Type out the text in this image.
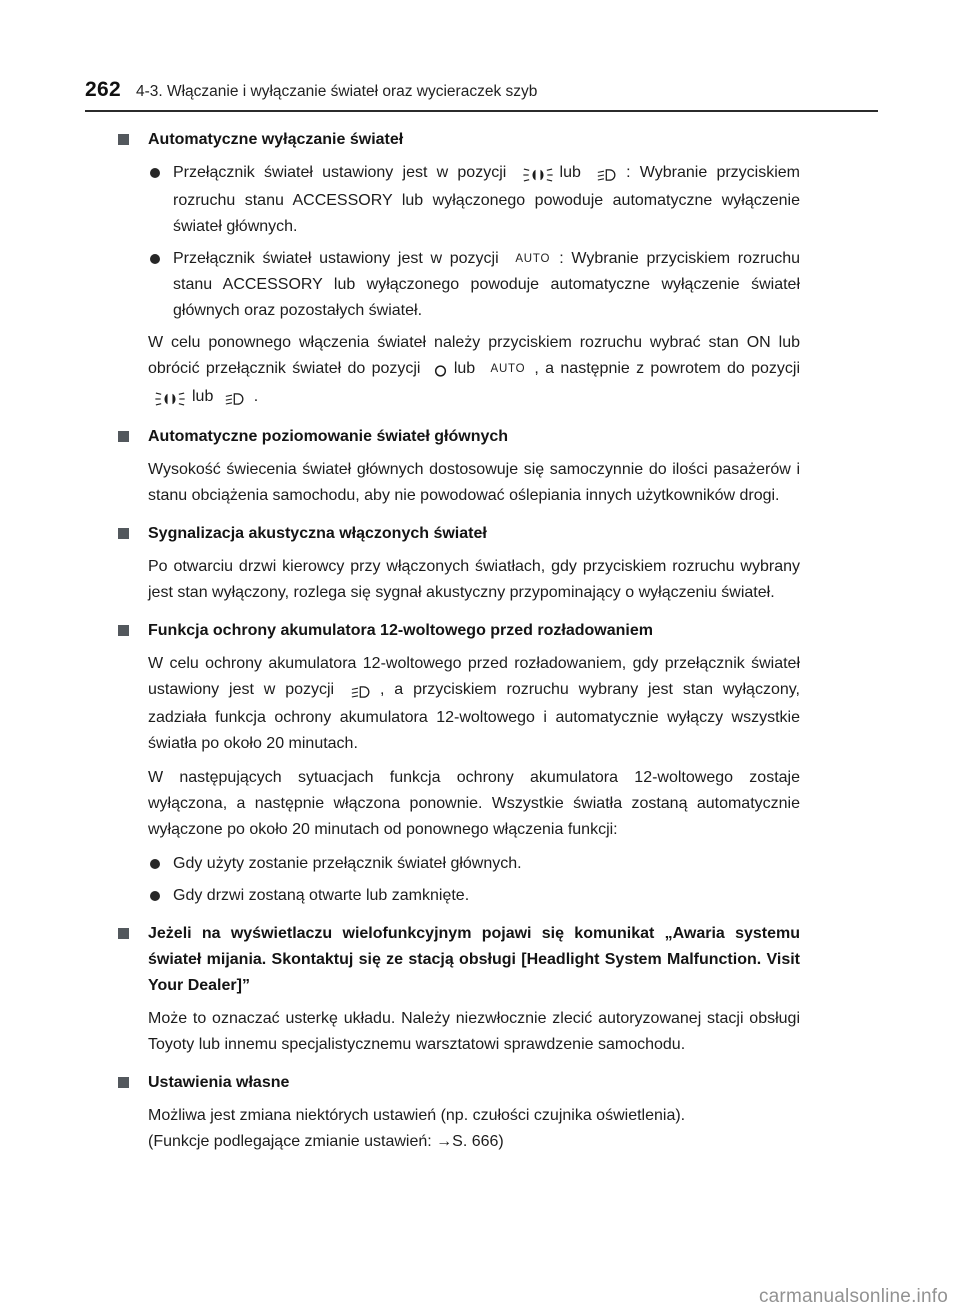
262 4-3. Włączanie i wyłączanie świateł oraz wycieraczek szyb
Automatyczne wyłączanie świateł
Przełącznik świateł ustawiony jest w pozycji	lub : Wybranie przyciskiem rozruchu stanu ACCESSORY lub wyłączonego powoduje automatyczne wyłączenie świateł głównych.
Przełącznik świateł ustawiony jest w pozycji AUTO : Wybranie przyciskiem rozruchu stanu ACCESSORY lub wyłączonego powoduje automatyczne wyłączenie świateł głównych oraz pozostałych świateł.
W celu ponownego włączenia świateł należy przyciskiem rozruchu wybrać stan ON lub obrócić przełącznik świateł do pozycji lub AUTO , a następnie z powrotem do pozycji lub .
Automatyczne poziomowanie świateł głównych
Wysokość świecenia świateł głównych dostosowuje się samoczynnie do ilości pasażerów i stanu obciążenia samochodu, aby nie powodować oślepiania innych użytkowników drogi.
Sygnalizacja akustyczna włączonych świateł
Po otwarciu drzwi kierowcy przy włączonych światłach, gdy przyciskiem rozruchu wybrany jest stan wyłączony, rozlega się sygnał akustyczny przypominający o wyłączeniu świateł.
Funkcja ochrony akumulatora 12-woltowego przed rozładowaniem
W celu ochrony akumulatora 12-woltowego przed rozładowaniem, gdy przełącznik świateł ustawiony jest w pozycji , a przyciskiem rozruchu wybrany jest stan wyłączony, zadziała funkcja ochrony akumulatora 12-woltowego i automatycznie wyłączy wszystkie światła po około 20 minutach.
W następujących sytuacjach funkcja ochrony akumulatora 12-woltowego zostaje wyłączona, a następnie włączona ponownie. Wszystkie światła zostaną automatycznie wyłączone po około 20 minutach od ponownego włączenia funkcji:
Gdy użyty zostanie przełącznik świateł głównych.
Gdy drzwi zostaną otwarte lub zamknięte.
Jeżeli na wyświetlaczu wielofunkcyjnym pojawi się komunikat „Awaria systemu świateł mijania. Skontaktuj się ze stacją obsługi [Headlight System Malfunction. Visit Your Dealer]”
Może to oznaczać usterkę układu. Należy niezwłocznie zlecić autoryzowanej stacji obsługi Toyoty lub innemu specjalistycznemu warsztatowi sprawdzenie samochodu.
Ustawienia własne
Możliwa jest zmiana niektórych ustawień (np. czułości czujnika oświetlenia).
(Funkcje podlegające zmianie ustawień: →S. 666)
carmanualsonline.info
